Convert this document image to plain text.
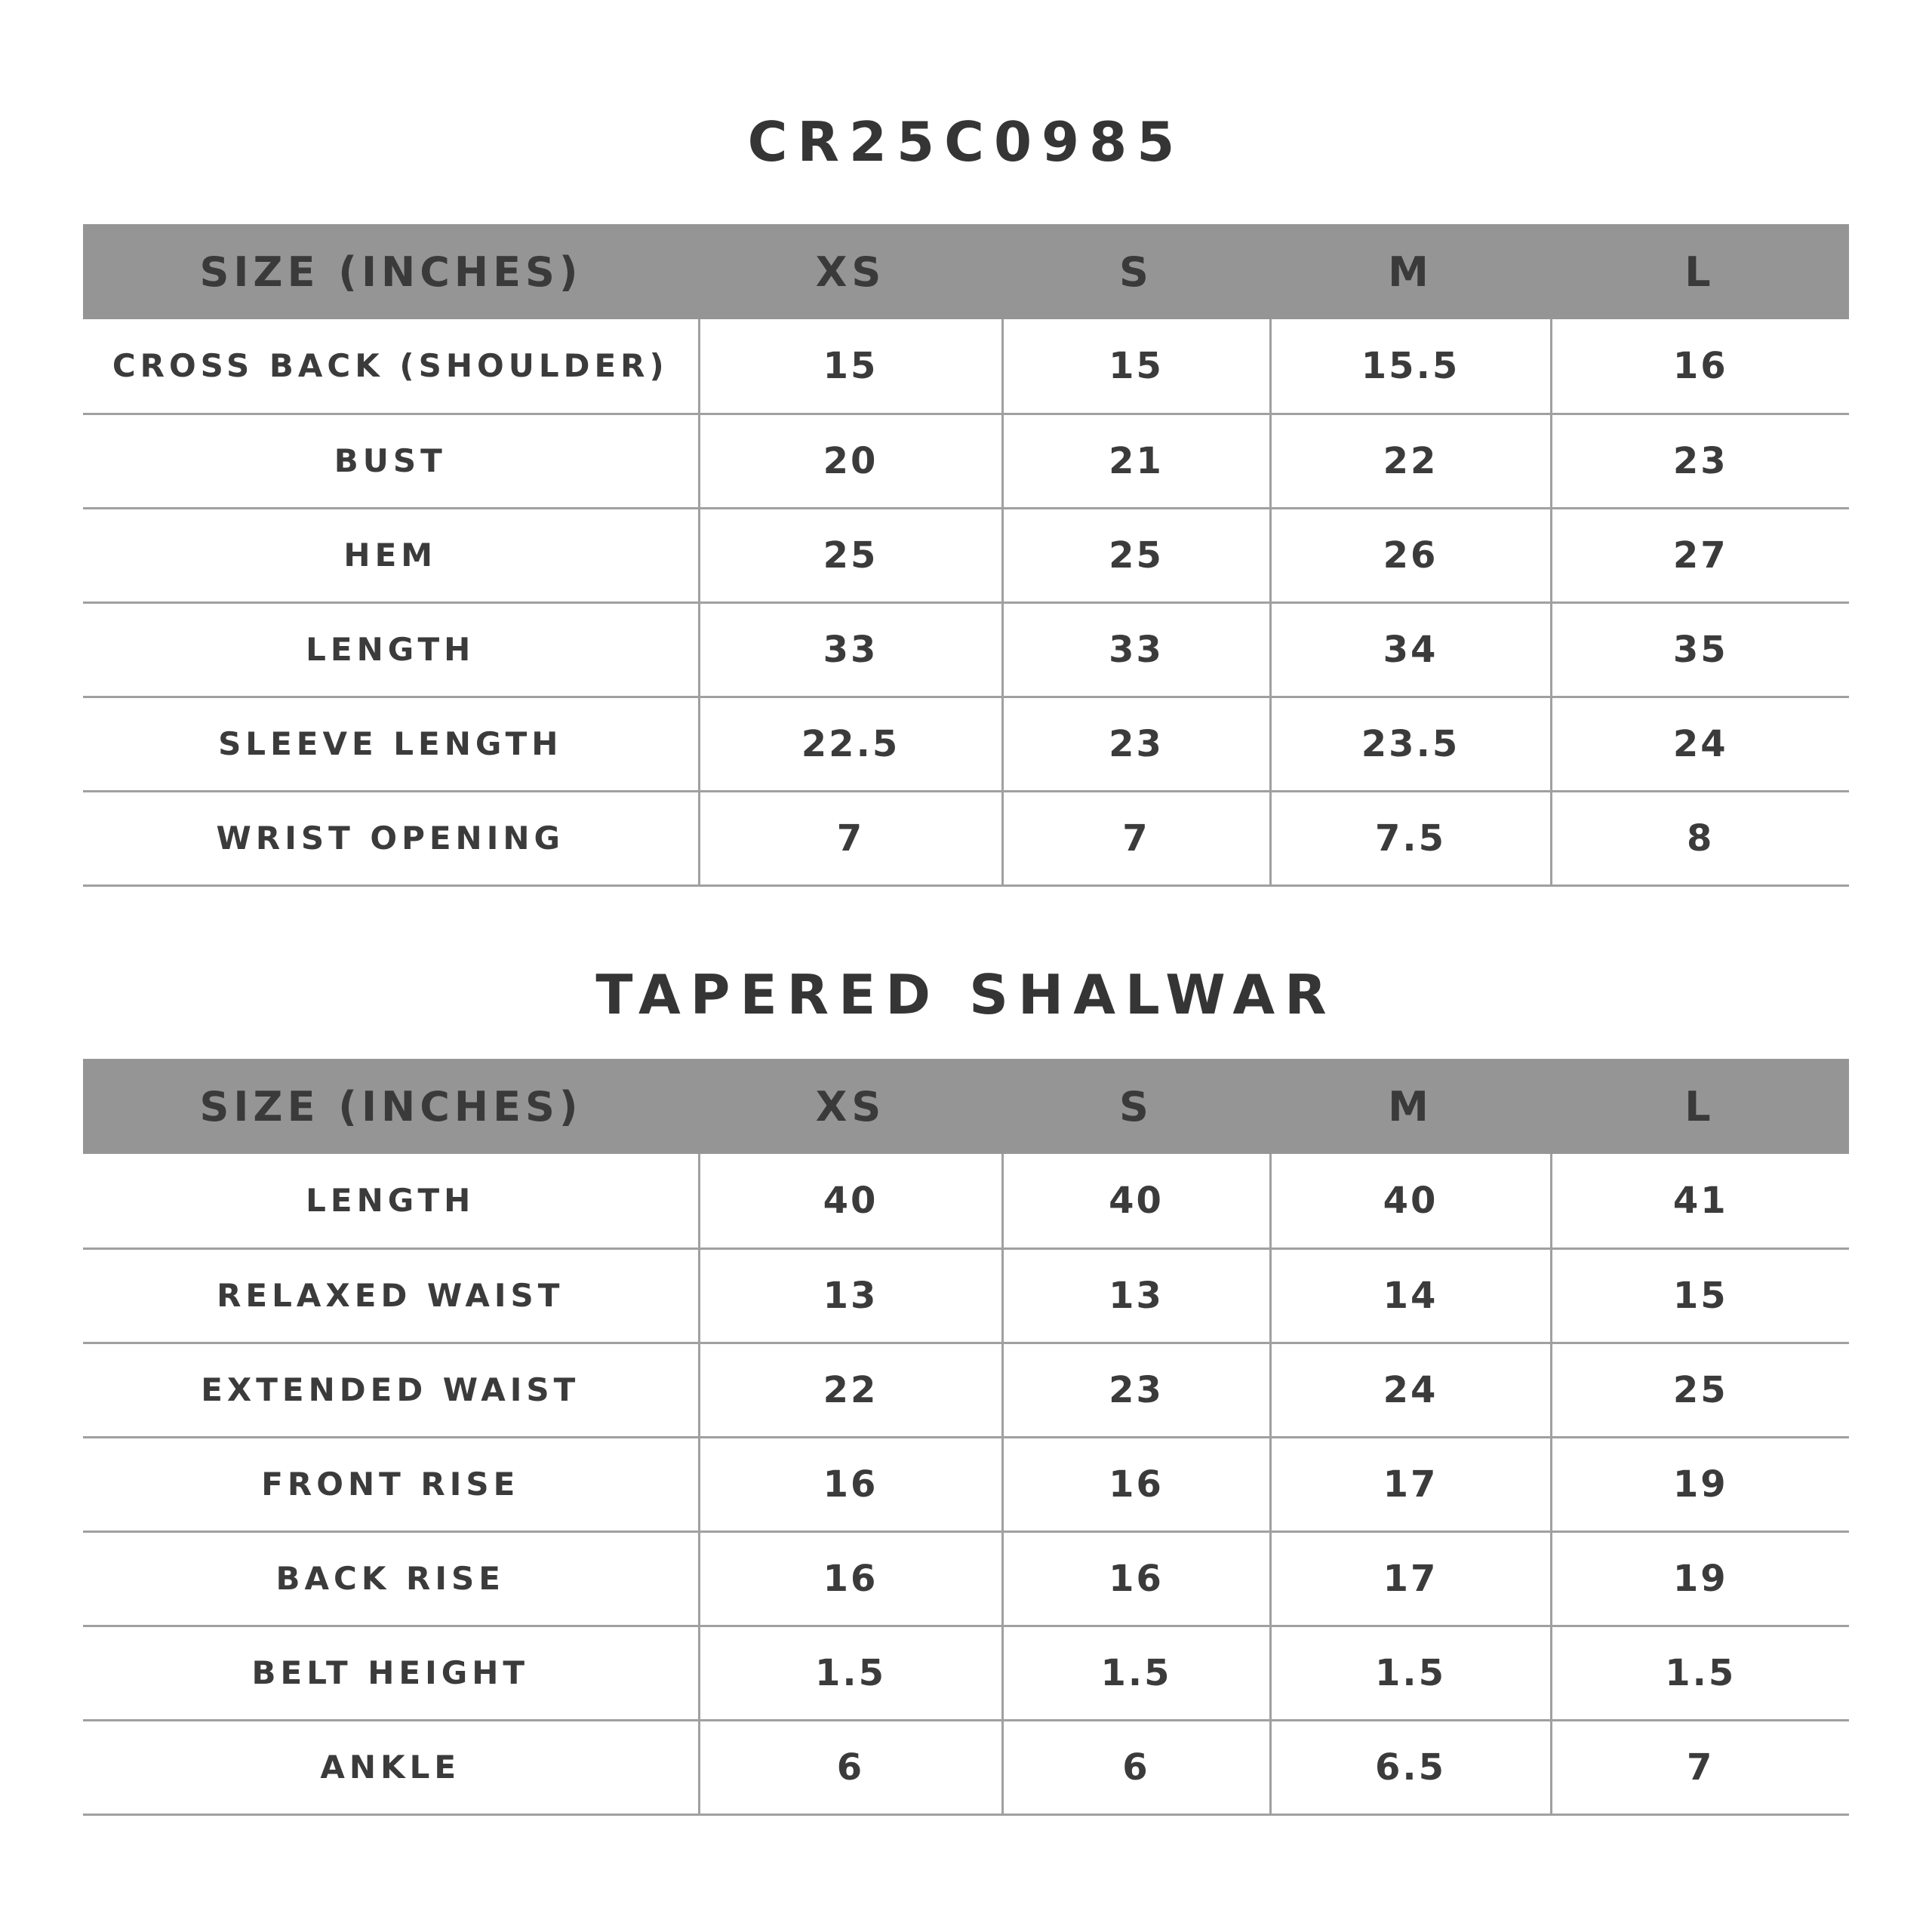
CR25C0985
SIZE (INCHES)	XS	S	M	L
CROSS BACK (SHOULDER)	15	15	15.5	16
BUST	20	21	22	23
HEM	25	25	26	27
LENGTH	33	33	34	35
SLEEVE LENGTH	22.5	23	23.5	24
WRIST OPENING	7	7	7.5	8
TAPERED SHALWAR
SIZE (INCHES)	XS	S	M	L
LENGTH	40	40	40	41
RELAXED WAIST	13	13	14	15
EXTENDED WAIST	22	23	24	25
FRONT RISE	16	16	17	19
BACK RISE	16	16	17	19
BELT HEIGHT	1.5	1.5	1.5	1.5
ANKLE	6	6	6.5	7
